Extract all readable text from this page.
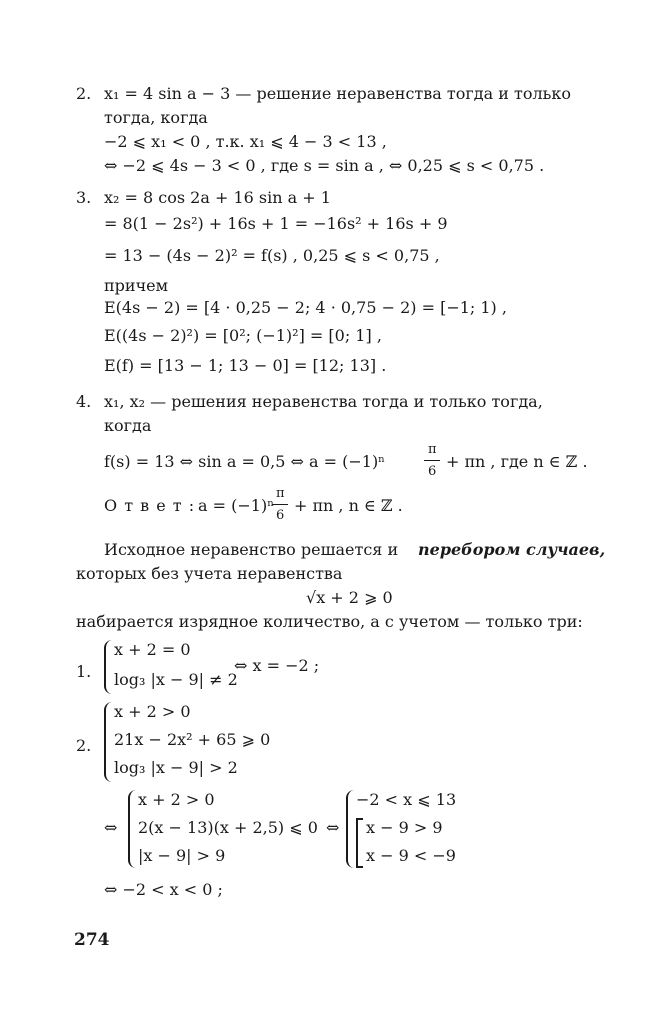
2. x₁ = 4 sin a − 3 — решение неравенства тогда и только
тогда, когда
−2 ⩽ x₁ < 0 , т.к. x₁ ⩽ 4 − 3 < 13 ,
⇔ −2 ⩽ 4s − 3 < 0 , где s = sin a , ⇔ 0,25 ⩽ s < 0,75 .
3. x₂ = 8 cos 2a + 16 sin a + 1
= 8(1 − 2s²) + 16s + 1 = −16s² + 16s + 9
= 13 − (4s − 2)² = f(s) , 0,25 ⩽ s < 0,75 ,
причем
E(4s − 2) = [4 · 0,25 − 2; 4 · 0,75 − 2) = [−1; 1) ,
E((4s − 2)²) = [0²; (−1)²] = [0; 1] ,
E(f) = [13 − 1; 13 − 0] = [12; 13] .
4. x₁, x₂ — решения неравенства тогда и только тогда,
когда
f(s) = 13 ⇔ sin a = 0,5 ⇔ a = (−1)ⁿ
π
6
+ πn , где n ∈ ℤ .
О т в е т : a = (−1)ⁿ
π
6
+ πn , n ∈ ℤ .
Исходное неравенство решается и перебором случаев,
которых без учета неравенства
√x + 2 ⩾ 0
набирается изрядное количество, а с учетом — только три:
1.
x + 2 = 0
log₃ |x − 9| ≠ 2
⇔ x = −2 ;
2.
x + 2 > 0
21x − 2x² + 65 ⩾ 0
log₃ |x − 9| > 2
⇔
x + 2 > 0
2(x − 13)(x + 2,5) ⩽ 0
|x − 9| > 9
⇔
−2 < x ⩽ 13
x − 9 > 9
x − 9 < −9
⇔ −2 < x < 0 ;
274
